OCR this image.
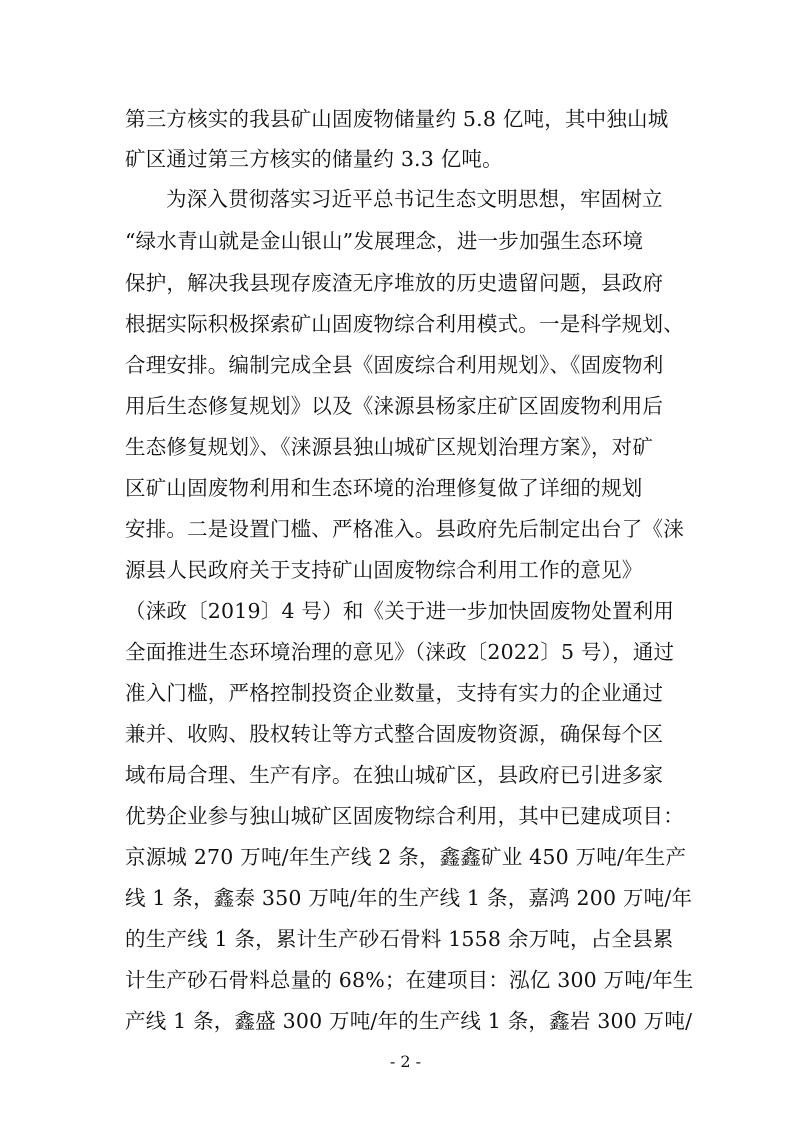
第三方核实的我县矿山固废物储量约 5.8 亿吨，其中独山城

矿区通过第三方核实的储量约 3.3 亿吨。

为深入贯彻落实习近平总书记生态文明思想，牢固树立

“绿水青山就是金山银山”发展理念，进一步加强生态环境

保护，解决我县现存废渣无序堆放的历史遗留问题，县政府

根据实际积极探索矿山固废物综合利用模式。一是科学规划、

合理安排。编制完成全县《固废综合利用规划》、《固废物利

用后生态修复规划》以及《涞源县杨家庄矿区固废物利用后

生态修复规划》、《涞源县独山城矿区规划治理方案》，对矿

区矿山固废物利用和生态环境的治理修复做了详细的规划

安排。二是设置门槛、严格准入。县政府先后制定出台了《涞

源县人民政府关于支持矿山固废物综合利用工作的意见》

（涞政〔2019〕4 号）和《关于进一步加快固废物处置利用

全面推进生态环境治理的意见》（涞政〔2022〕5 号），通过

准入门槛，严格控制投资企业数量，支持有实力的企业通过

兼并、收购、股权转让等方式整合固废物资源，确保每个区

域布局合理、生产有序。在独山城矿区，县政府已引进多家

优势企业参与独山城矿区固废物综合利用，其中已建成项目：

京源城 270 万吨/年生产线 2 条，鑫鑫矿业 450 万吨/年生产

线 1 条，鑫泰 350 万吨/年的生产线 1 条，嘉鸿 200 万吨/年

的生产线 1 条，累计生产砂石骨料 1558 余万吨，占全县累

计生产砂石骨料总量的 68%；在建项目：泓亿 300 万吨/年生

产线 1 条，鑫盛 300 万吨/年的生产线 1 条，鑫岩 300 万吨/

- 2 -
